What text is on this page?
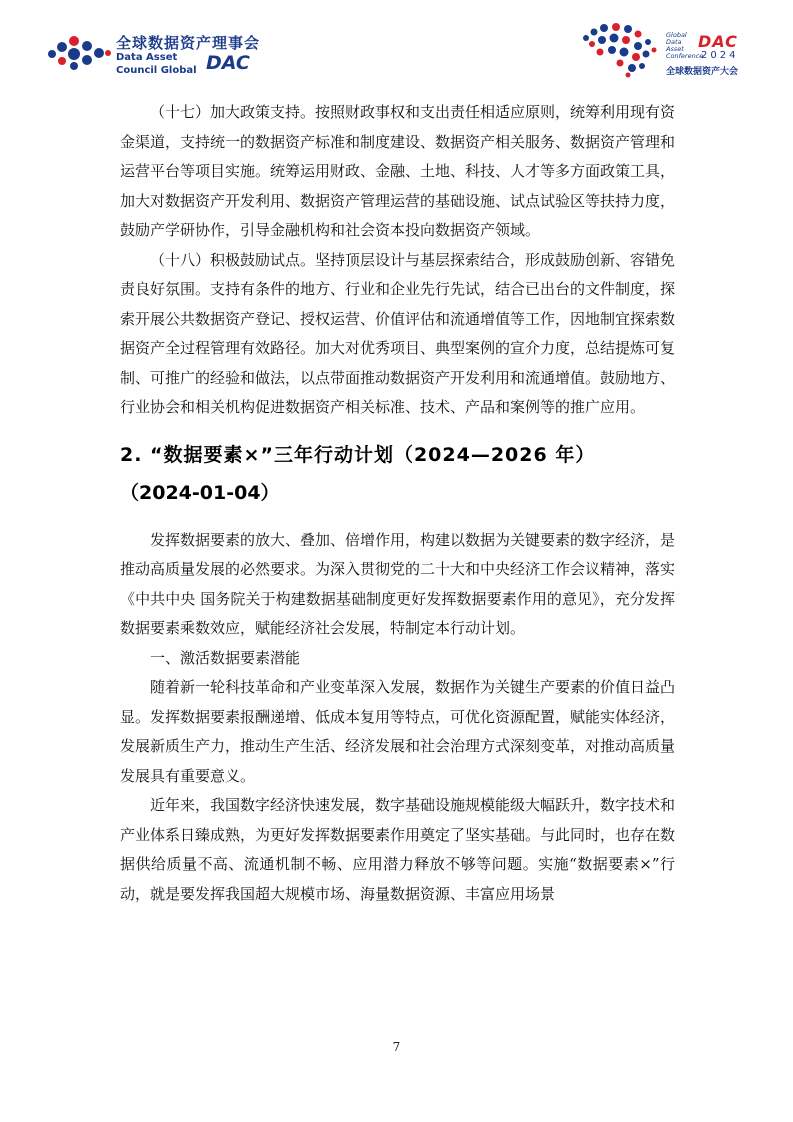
全球数据资产理事会
Data Asset
Council Global DAC
Global
Data
Asset
Conference
DAC
2024
全球数据资产大会

（十七）加大政策支持。按照财政事权和支出责任相适应原则，统筹利用现有资金渠道，支持统一的数据资产标准和制度建设、数据资产相关服务、数据资产管理和运营平台等项目实施。统筹运用财政、金融、土地、科技、人才等多方面政策工具，加大对数据资产开发利用、数据资产管理运营的基础设施、试点试验区等扶持力度，鼓励产学研协作，引导金融机构和社会资本投向数据资产领域。

（十八）积极鼓励试点。坚持顶层设计与基层探索结合，形成鼓励创新、容错免责良好氛围。支持有条件的地方、行业和企业先行先试，结合已出台的文件制度，探索开展公共数据资产登记、授权运营、价值评估和流通增值等工作，因地制宜探索数据资产全过程管理有效路径。加大对优秀项目、典型案例的宣介力度，总结提炼可复制、可推广的经验和做法，以点带面推动数据资产开发利用和流通增值。鼓励地方、行业协会和相关机构促进数据资产相关标准、技术、产品和案例等的推广应用。

2. “数据要素×”三年行动计划（2024—2026 年）
（2024-01-04）

发挥数据要素的放大、叠加、倍增作用，构建以数据为关键要素的数字经济，是推动高质量发展的必然要求。为深入贯彻党的二十大和中央经济工作会议精神，落实《中共中央 国务院关于构建数据基础制度更好发挥数据要素作用的意见》，充分发挥数据要素乘数效应，赋能经济社会发展，特制定本行动计划。

一、激活数据要素潜能

随着新一轮科技革命和产业变革深入发展，数据作为关键生产要素的价值日益凸显。发挥数据要素报酬递增、低成本复用等特点，可优化资源配置，赋能实体经济，发展新质生产力，推动生产生活、经济发展和社会治理方式深刻变革，对推动高质量发展具有重要意义。

近年来，我国数字经济快速发展，数字基础设施规模能级大幅跃升，数字技术和产业体系日臻成熟，为更好发挥数据要素作用奠定了坚实基础。与此同时，也存在数据供给质量不高、流通机制不畅、应用潜力释放不够等问题。实施“数据要素×”行动，就是要发挥我国超大规模市场、海量数据资源、丰富应用场景

7
